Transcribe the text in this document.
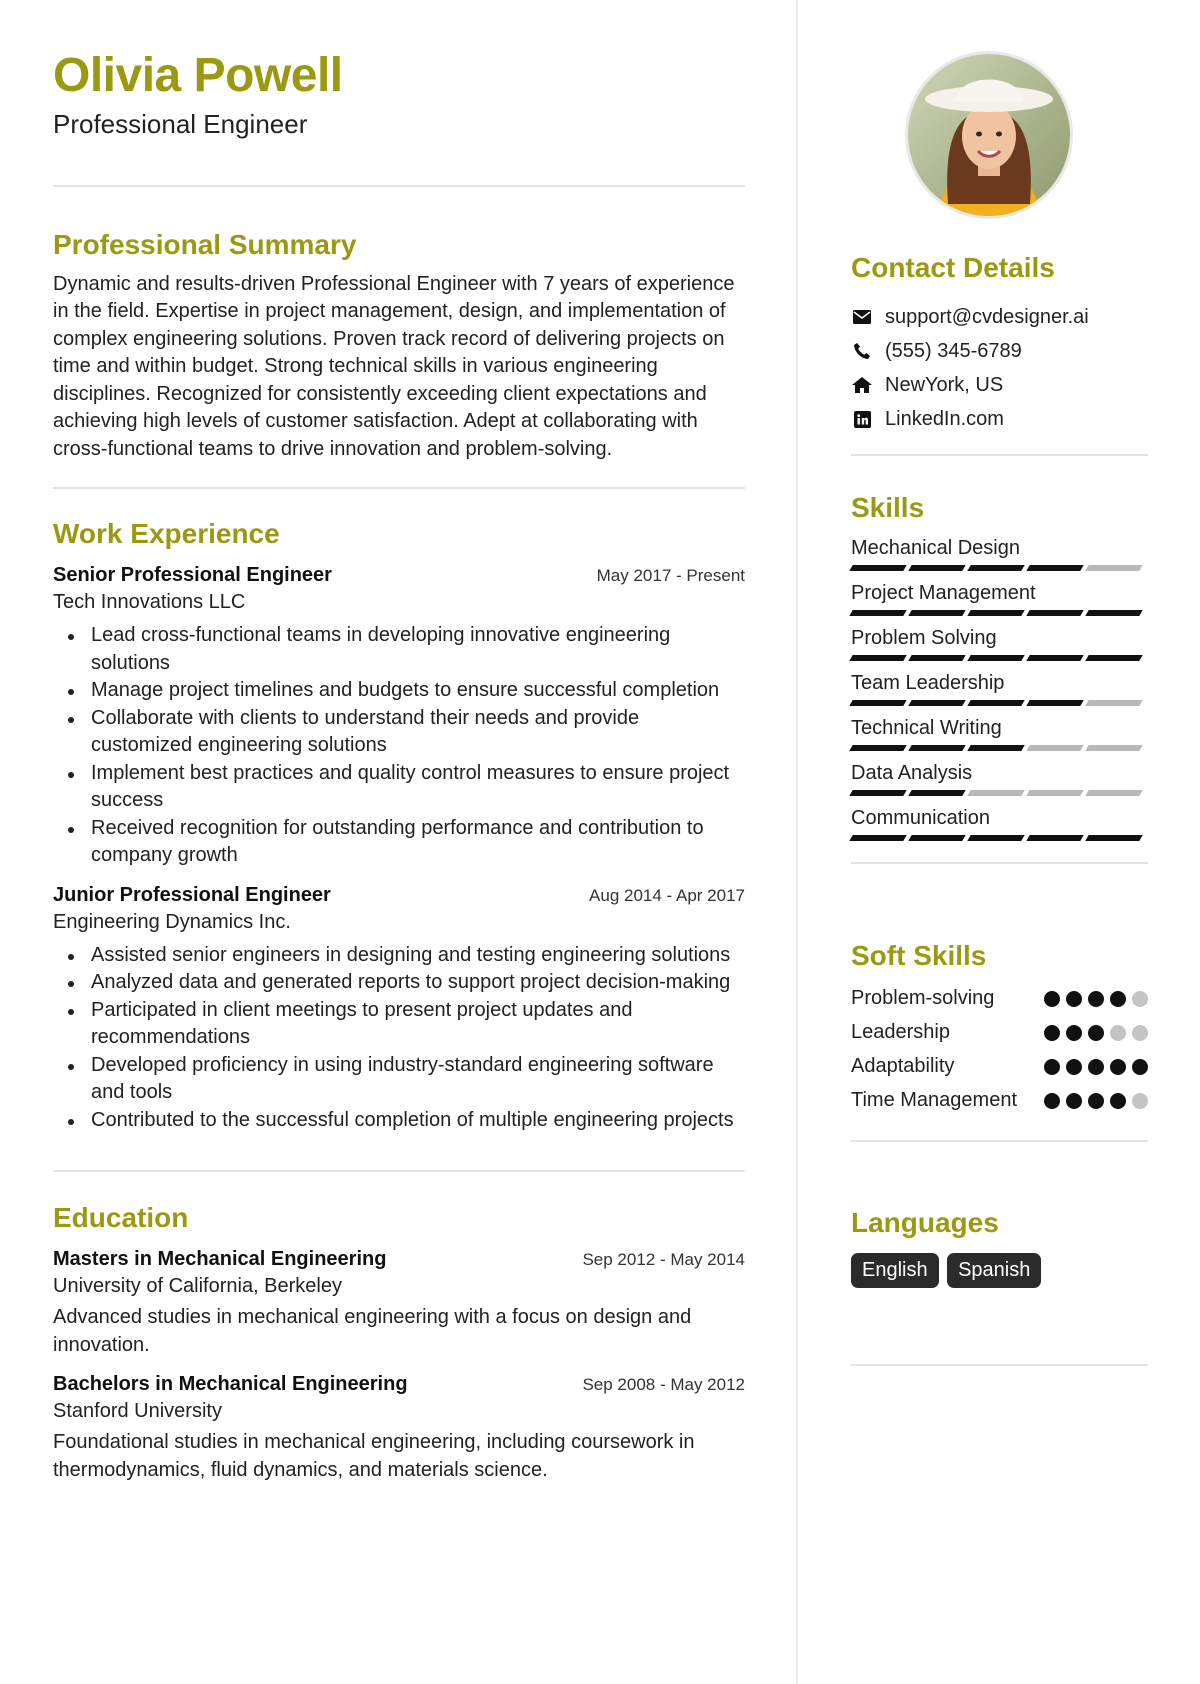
Olivia Powell
Professional Engineer
Professional Summary

Dynamic and results-driven Professional Engineer with 7 years of experience in the field. Expertise in project management, design, and implementation of complex engineering solutions. Proven track record of delivering projects on time and within budget. Strong technical skills in various engineering disciplines. Recognized for consistently exceeding client expectations and achieving high levels of customer satisfaction. Adept at collaborating with cross-functional teams to drive innovation and problem-solving.

Work Experience
Senior Professional Engineer	May 2017 - Present
Tech Innovations LLC
Lead cross-functional teams in developing innovative engineering solutions
Manage project timelines and budgets to ensure successful completion
Collaborate with clients to understand their needs and provide customized engineering solutions
Implement best practices and quality control measures to ensure project success
Received recognition for outstanding performance and contribution to company growth
Junior Professional Engineer	Aug 2014 - Apr 2017
Engineering Dynamics Inc.
Assisted senior engineers in designing and testing engineering solutions
Analyzed data and generated reports to support project decision-making
Participated in client meetings to present project updates and recommendations
Developed proficiency in using industry-standard engineering software and tools
Contributed to the successful completion of multiple engineering projects
Education
Masters in Mechanical Engineering	Sep 2012 - May 2014
University of California, Berkeley

Advanced studies in mechanical engineering with a focus on design and innovation.

Bachelors in Mechanical Engineering	Sep 2008 - May 2012
Stanford University

Foundational studies in mechanical engineering, including coursework in thermodynamics, fluid dynamics, and materials science.

Contact Details
support@cvdesigner.ai
(555) 345-6789
NewYork, US
LinkedIn.com
Skills
Mechanical Design
Project Management
Problem Solving
Team Leadership
Technical Writing
Data Analysis
Communication
Soft Skills
Problem-solving
Leadership
Adaptability
Time Management
Languages
English Spanish
